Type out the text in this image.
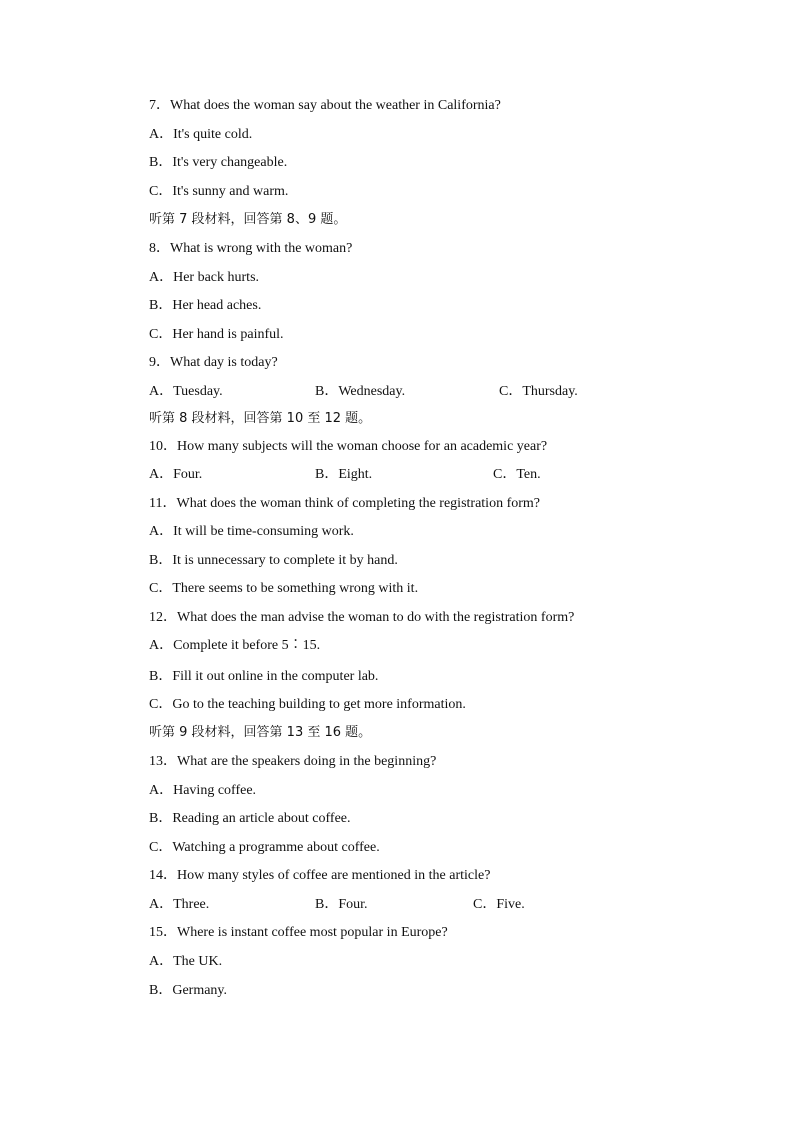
7．What does the woman say about the weather in California?
A．It's quite cold.
B．It's very changeable.
C．It's sunny and warm.
听第 7 段材料，回答第 8、9 题。
8．What is wrong with the woman?
A．Her back hurts.
B．Her head aches.
C．Her hand is painful.
9．What day is today?
A．Tuesday.	B．Wednesday.	C．Thursday.
听第 8 段材料，回答第 10 至 12 题。
10．How many subjects will the woman choose for an academic year?
A．Four.	B．Eight.	C．Ten.
11．What does the woman think of completing the registration form?
A．It will be time-consuming work.
B．It is unnecessary to complete it by hand.
C．There seems to be something wrong with it.
12．What does the man advise the woman to do with the registration form?
A．Complete it before 5∶15.
B．Fill it out online in the computer lab.
C．Go to the teaching building to get more information.
听第 9 段材料，回答第 13 至 16 题。
13．What are the speakers doing in the beginning?
A．Having coffee.
B．Reading an article about coffee.
C．Watching a programme about coffee.
14．How many styles of coffee are mentioned in the article?
A．Three.	B．Four.	C．Five.
15．Where is instant coffee most popular in Europe?
A．The UK.
B．Germany.
